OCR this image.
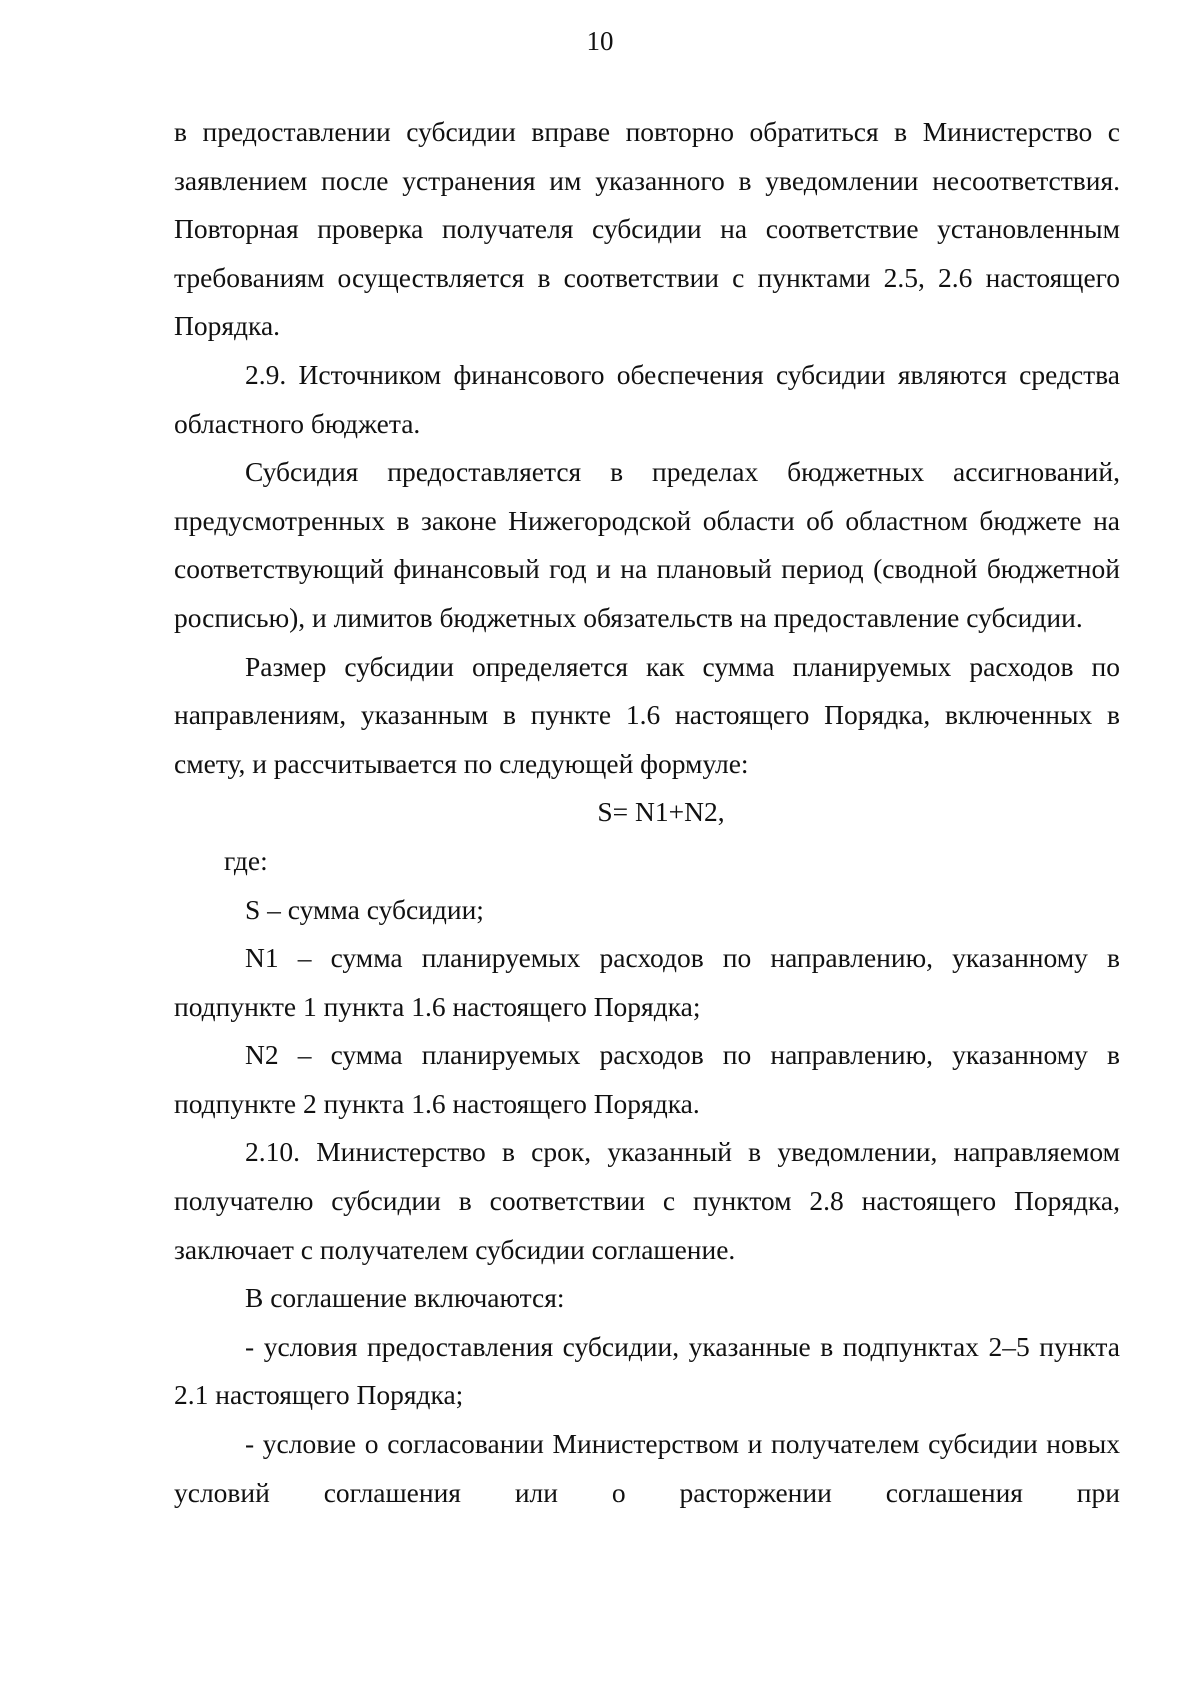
10

в предоставлении субсидии вправе повторно обратиться в Министерство с заявлением после устранения им указанного в уведомлении несоответствия. Повторная проверка получателя субсидии на соответствие установленным требованиям осуществляется в соответствии с пунктами 2.5, 2.6 настоящего Порядка.

2.9. Источником финансового обеспечения субсидии являются средства областного бюджета.

Субсидия предоставляется в пределах бюджетных ассигнований, предусмотренных в законе Нижегородской области об областном бюджете на соответствующий финансовый год и на плановый период (сводной бюджетной росписью), и лимитов бюджетных обязательств на предоставление субсидии.

Размер субсидии определяется как сумма планируемых расходов по направлениям, указанным в пункте 1.6 настоящего Порядка, включенных в смету, и рассчитывается по следующей формуле:

S= N1+N2,

где:

S – сумма субсидии;

N1 – сумма планируемых расходов по направлению, указанному в подпункте 1 пункта 1.6 настоящего Порядка;

N2 – сумма планируемых расходов по направлению, указанному в подпункте 2 пункта 1.6 настоящего Порядка.

2.10. Министерство в срок, указанный в уведомлении, направляемом получателю субсидии в соответствии с пунктом 2.8 настоящего Порядка, заключает с получателем субсидии соглашение.

В соглашение включаются:

- условия предоставления субсидии, указанные в подпунктах 2–5 пункта 2.1 настоящего Порядка;

- условие о согласовании Министерством и получателем субсидии новых условий соглашения или о расторжении соглашения при
